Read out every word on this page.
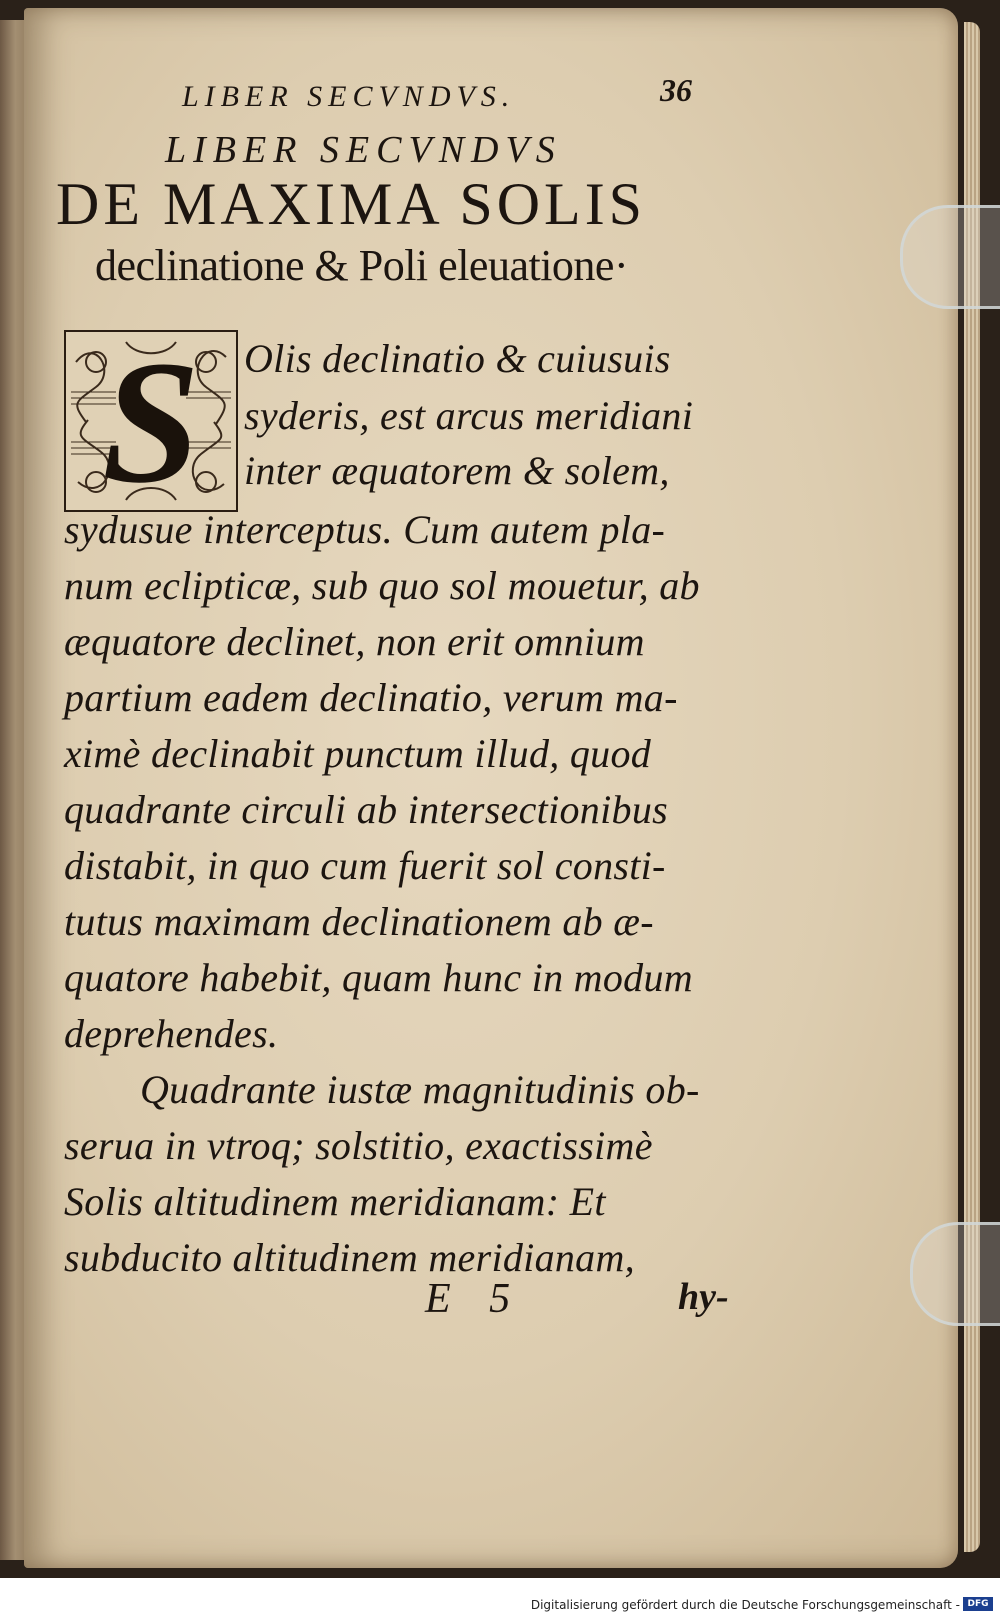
LIBER SECVNDVS.	36
LIBER SECVNDVS
DE MAXIMA SOLIS
declinatione & Poli eleuatione·
S	Olis declinatio & cuiusuis
syderis, est arcus meridiani
inter æquatorem & solem,
sydusue interceptus. Cum autem pla-
num eclipticæ, sub quo sol mouetur, ab
æquatore declinet, non erit omnium
partium eadem declinatio, verum ma-
ximè declinabit punctum illud, quod
quadrante circuli ab intersectionibus
distabit, in quo cum fuerit sol consti-
tutus maximam declinationem ab æ-
quatore habebit, quam hunc in modum
deprehendes.
Quadrante iustæ magnitudinis ob-
serua in vtroq; solstitio, exactissimè
Solis altitudinem meridianam: Et
subducito altitudinem meridianam,
E 5	hy-
Digitalisierung gefördert durch die Deutsche Forschungsgemeinschaft - DFG
